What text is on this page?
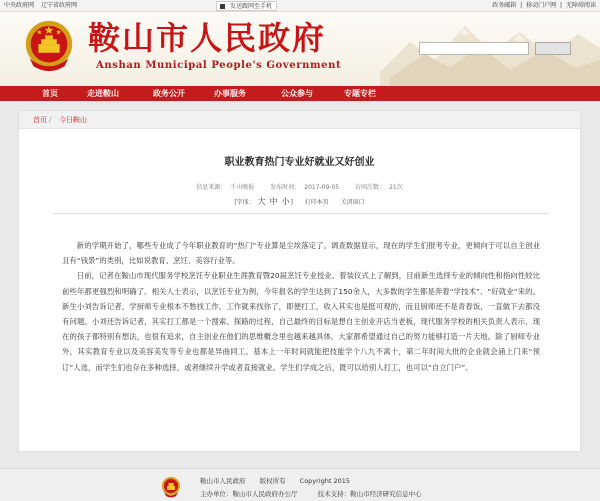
中央政府网 辽宁省政府网	发送跟网至手机	政务邮箱 | 移动门户网 | 无障碍阅读
鞍山市人民政府
Anshan Municipal People's Government
首页	走进鞍山	政务公开	办事服务	公众参与	专题专栏
首页 / 今日鞍山
职业教育热门专业好就业又好创业
信息来源： 千山晚报	发布时间： 2017-09-05	访问次数： 21次
[字体： 大 中 小] 打印本页 关闭窗口

新的学期开始了，哪些专业成了今年职业教育的“热门”专业算是尘埃落定了。调查数据显示，现在的学生们报考专业，更倾向于可以自主创业且有“钱景”的类别，比如说教育、烹饪、美容行业等。

日前，记者在鞍山市现代服务学校烹饪专业职业生涯教育暨20届烹饪专业授业、着装仪式上了解到，目前新生选择专业的倾向性和指向性较比前些年都更强烈和明确了。相关人士表示，以烹饪专业为例，今年报名的学生达到了150余人，大多数的学生都是奔着“学技术”、“好就业”来的。新生小刘告诉记者，学厨师专业根本不愁找工作，工作就来找你了，即便打工，收入其实也是挺可观的，而且厨师还不是青春饭，一直做下去都没有问题。小刘还告诉记者，其实打工都是一个搜索、探路的过程，自己最终的目标是想自主创业开店当老板，现代服务学校的相关负责人表示，现在的孩子都特别有想法，也很有追求，自主创业在他们的思维概念里也越来越具体，大家都希望通过自己的努力能够打造一片天地。除了厨师专业外，其实教育专业以及美容美发等专业也都是异曲同工。基本上一年时间就能把技能学个八九不离十，第二年时间大批的企业就会涌上门来“预订”人选，而学生们也存在多种选择，或者继续升学或者直接就业。学生们学成之后，既可以给别人打工，也可以“自立门户”。

鞍山市人民政府 版权所有 Copyright 2015
主办单位：鞍山市人民政府办公厅	技术支持：鞍山市经济研究信息中心
